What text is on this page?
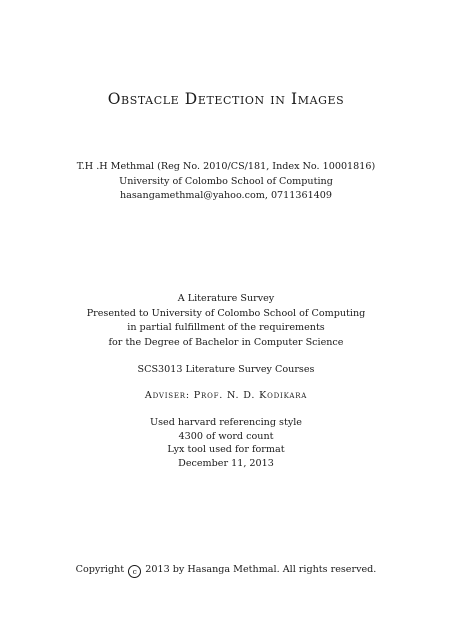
Obstacle Detection in Images
T.H .H Methmal (Reg No. 2010/CS/181, Index No. 10001816)
University of Colombo School of Computing
hasangamethmal@yahoo.com, 0711361409
A Literature Survey
Presented to University of Colombo School of Computing
in partial fulfillment of the requirements
for the Degree of Bachelor in Computer Science
SCS3013 Literature Survey Courses
Adviser: Prof. N. D. Kodikara
Used harvard referencing style
4300 of word count
Lyx tool used for format
December 11, 2013
Copyright c 2013 by Hasanga Methmal. All rights reserved.
